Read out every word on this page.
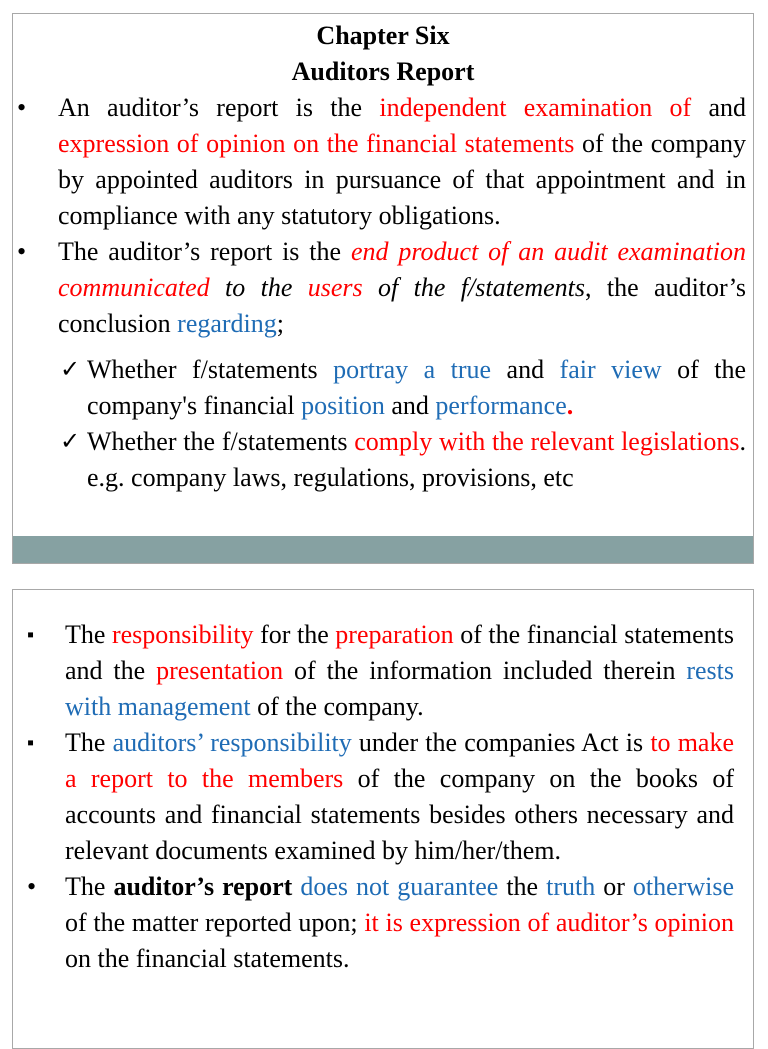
Chapter Six
Auditors Report

• An auditor’s report is the independent examination of and expression of opinion on the financial statements of the company by appointed auditors in pursuance of that appointment and in compliance with any statutory obligations.

• The auditor’s report is the end product of an audit examination communicated to the users of the f/statements, the auditor’s conclusion regarding;

✓ Whether f/statements portray a true and fair view of the company's financial position and performance.

✓ Whether the f/statements comply with the relevant legislations. e.g. company laws, regulations, provisions, etc

▪ The responsibility for the preparation of the financial statements and the presentation of the information included therein rests with management of the company.

▪ The auditors’ responsibility under the companies Act is to make a report to the members of the company on the books of accounts and financial statements besides others necessary and relevant documents examined by him/her/them.

• The auditor’s report does not guarantee the truth or otherwise of the matter reported upon; it is expression of auditor’s opinion on the financial statements.
